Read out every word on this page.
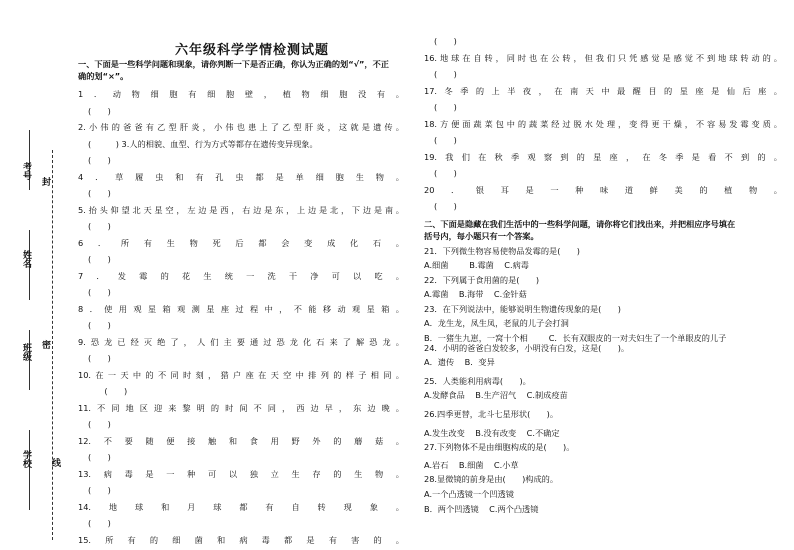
考号
姓名
班级
学校
封
密
线
六年级科学学情检测试题
一、下面是一些科学问题和现象，请你判断一下是否正确，你认为正确的划“√”，不正
确的划“×”。
1．动物细胞有细胞壁，植物细胞没有。
(　　)
2.小伟的爸爸有乙型肝炎，小伟也患上了乙型肝炎，这就是遗传。
(　　　) 3.人的相貌、血型、行为方式等都存在遗传变异现象。
(　　)
4．草履虫和有孔虫都是单细胞生物。
(　　)
5.抬头仰望北天星空，左边是西，右边是东，上边是北，下边是南。
(　　)
6．所有生物死后都会变成化石。
(　　)
7．发霉的花生统一洗干净可以吃。
(　　)
8．使用观星箱观测星座过程中，不能移动观星箱。
(　　)
9.恐龙已经灭绝了，人们主要通过恐龙化石来了解恐龙。
(　　)
10.在一天中的不同时刻，猎户座在天空中排列的样子相同。
　　(　　)
11.不同地区迎来黎明的时间不同，西边早，东边晚。
(　　)
12.不要随便接触和食用野外的蘑菇。
(　　)
13.病毒是一种可以独立生存的生物。
(　　)
14.地球和月球都有自转现象。
(　　)
15.所有的细菌和病毒都是有害的。
(　　)
16.地球在自转，同时也在公转，但我们只凭感觉是感觉不到地球转动的。
(　　)
17.冬季的上半夜，在南天中最醒目的星座是仙后座。
(　　)
18.方便面蔬菜包中的蔬菜经过脱水处理，变得更干燥，不容易发霉变质。
(　　)
19.我们在秋季观察到的星座，在冬季是看不到的。
(　　)
20．银耳是一种味道鲜美的植物。
(　　)
二、下面是隐藏在我们生活中的一些科学问题，请你将它们找出来，并把相应序号填在
括号内，每小题只有一个答案。
21．下列微生物容易使物品发霉的是(　　)
A.细菌	B.霉菌 C.病毒
22．下列属于食用菌的是(　　)
A.霉菌 B.海带 C.金针菇
23．在下列说法中，能够说明生物遗传现象的是(　　)
A．龙生龙，凤生凤，老鼠的儿子会打洞
B．一猪生九崽，一窝十个相	C．长有双眼皮的一对夫妇生了一个单眼皮的儿子
24．小明的爸爸白发较多，小明没有白发，这是(　　)。
A．遗传 B．变异
25．人类能利用病毒(　　)。
A.发酵食品 B.生产沼气 C.制成疫苗
26.四季更替，北斗七星形状(　　)。
A.发生改变 B.没有改变 C.不确定
27.下列物体不是由细胞构成的是(　　)。
A.岩石 B.细菌 C.小草
28.显微镜的前身是由(　　)构成的。
A.一个凸透镜一个凹透镜
B．两个凹透镜 C.两个凸透镜
